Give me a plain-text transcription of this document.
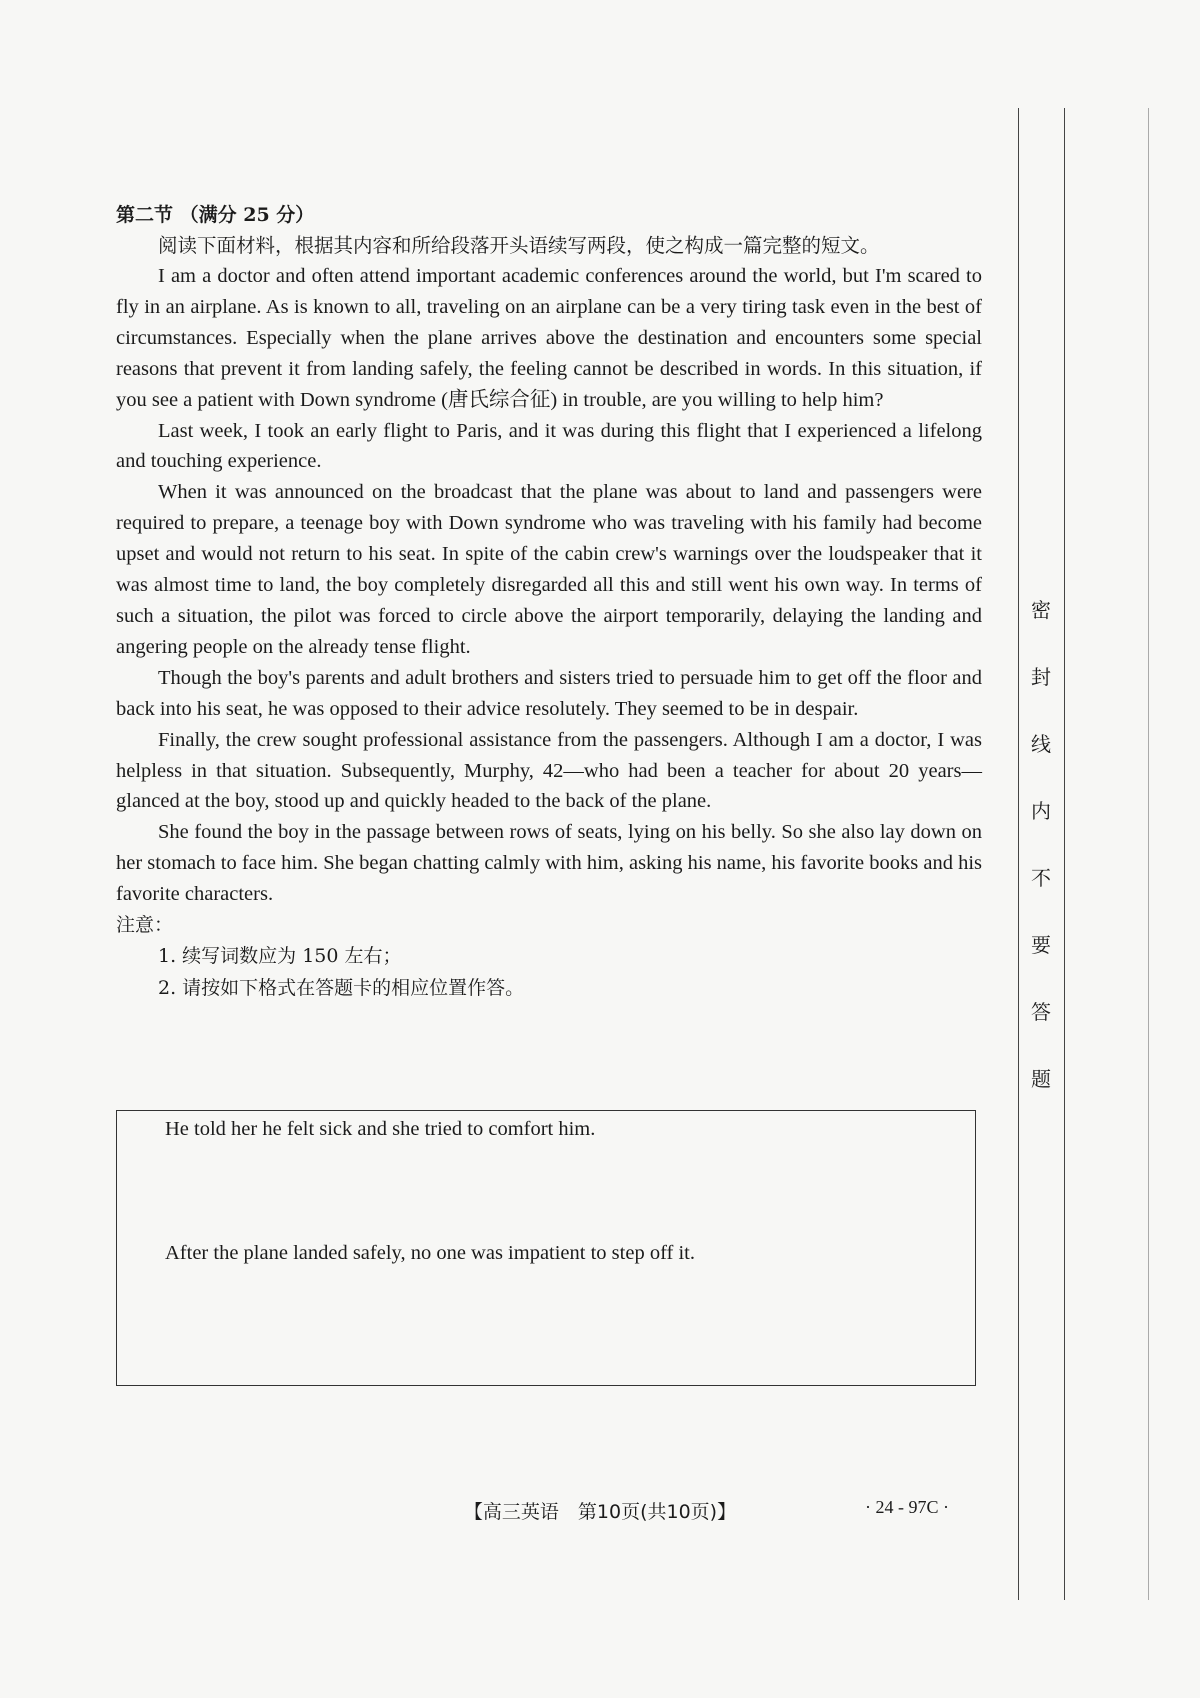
第二节 （满分 25 分）

阅读下面材料，根据其内容和所给段落开头语续写两段，使之构成一篇完整的短文。

I am a doctor and often attend important academic conferences around the world, but I'm scared to fly in an airplane. As is known to all, traveling on an airplane can be a very tiring task even in the best of circumstances. Especially when the plane arrives above the destination and encounters some special reasons that prevent it from landing safely, the feeling cannot be described in words. In this situation, if you see a patient with Down syndrome (唐氏综合征) in trouble, are you willing to help him?

Last week, I took an early flight to Paris, and it was during this flight that I experienced a lifelong and touching experience.

When it was announced on the broadcast that the plane was about to land and passengers were required to prepare, a teenage boy with Down syndrome who was traveling with his family had become upset and would not return to his seat. In spite of the cabin crew's warnings over the loudspeaker that it was almost time to land, the boy completely disregarded all this and still went his own way. In terms of such a situation, the pilot was forced to circle above the airport temporarily, delaying the landing and angering people on the already tense flight.

Though the boy's parents and adult brothers and sisters tried to persuade him to get off the floor and back into his seat, he was opposed to their advice resolutely. They seemed to be in despair.

Finally, the crew sought professional assistance from the passengers. Although I am a doctor, I was helpless in that situation. Subsequently, Murphy, 42—who had been a teacher for about 20 years—glanced at the boy, stood up and quickly headed to the back of the plane.

She found the boy in the passage between rows of seats, lying on his belly. So she also lay down on her stomach to face him. She began chatting calmly with him, asking his name, his favorite books and his favorite characters.

注意：

1. 续写词数应为 150 左右；

2. 请按如下格式在答题卡的相应位置作答。

He told her he felt sick and she tried to comfort him.

After the plane landed safely, no one was impatient to step off it.

【高三英语　第10页(共10页)】	· 24 - 97C ·
密
封
线
内
不
要
答
题
